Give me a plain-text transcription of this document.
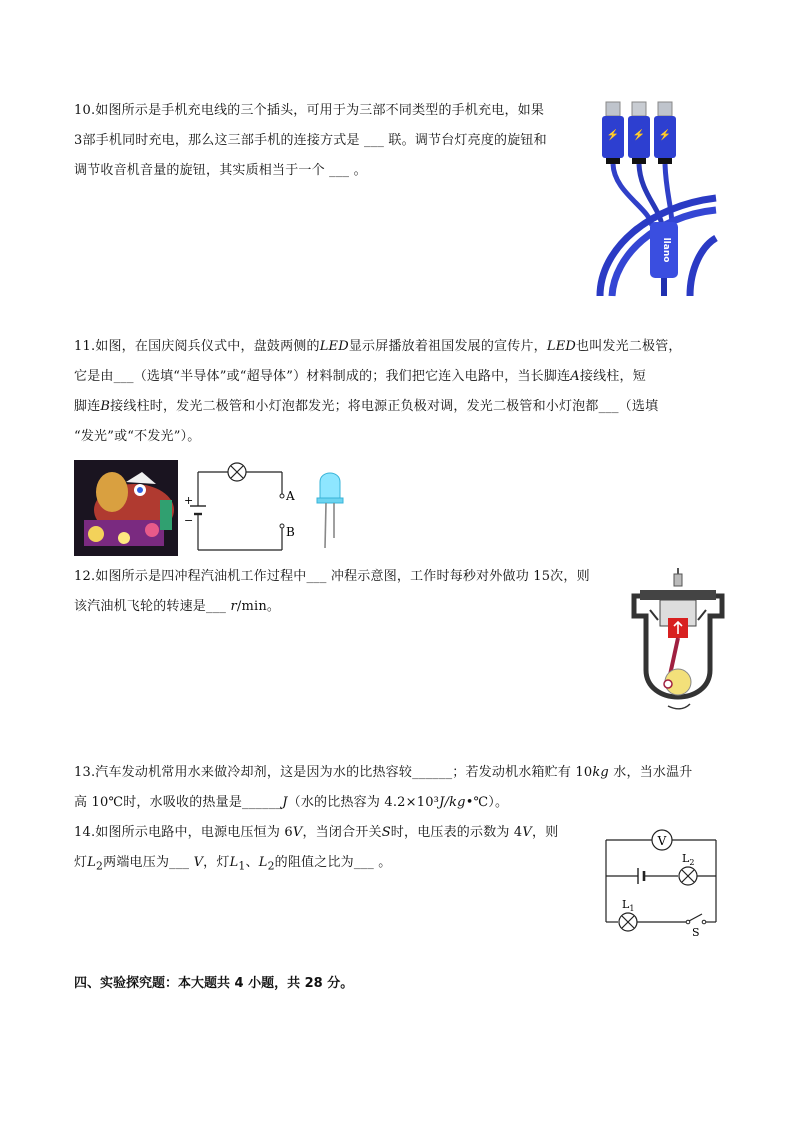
10.如图所示是手机充电线的三个插头，可用于为三部不同类型的手机充电，如果

3部手机同时充电，那么这三部手机的连接方式是 ___ 联。调节台灯亮度的旋钮和

调节收音机音量的旋钮，其实质相当于一个 ___ 。

⚡ ⚡ ⚡
llano

11.如图，在国庆阅兵仪式中，盘鼓两侧的LED显示屏播放着祖国发展的宣传片，LED也叫发光二极管，

它是由___（选填“半导体”或“超导体”）材料制成的；我们把它连入电路中，当长脚连A接线柱，短

脚连B接线柱时，发光二极管和小灯泡都发光；将电源正负极对调，发光二极管和小灯泡都___（选填

“发光”或“不发光”）。

A
B
+
−

12.如图所示是四冲程汽油机工作过程中___ 冲程示意图，工作时每秒对外做功 15次，则

该汽油机飞轮的转速是___ r/min。

13.汽车发动机常用水来做冷却剂，这是因为水的比热容较______；若发动机水箱贮有 10kg 水，当水温升

高 10℃时，水吸收的热量是______J（水的比热容为 4.2×10³J/kg•℃）。

14.如图所示电路中，电源电压恒为 6V，当闭合开关S时，电压表的示数为 4V，则

灯$L_2$两端电压为___ V，灯$L_1$、$L_2$的阻值之比为___ 。

V
$L_2$
$L_1$
S
四、实验探究题：本大题共 4 小题，共 28 分。
